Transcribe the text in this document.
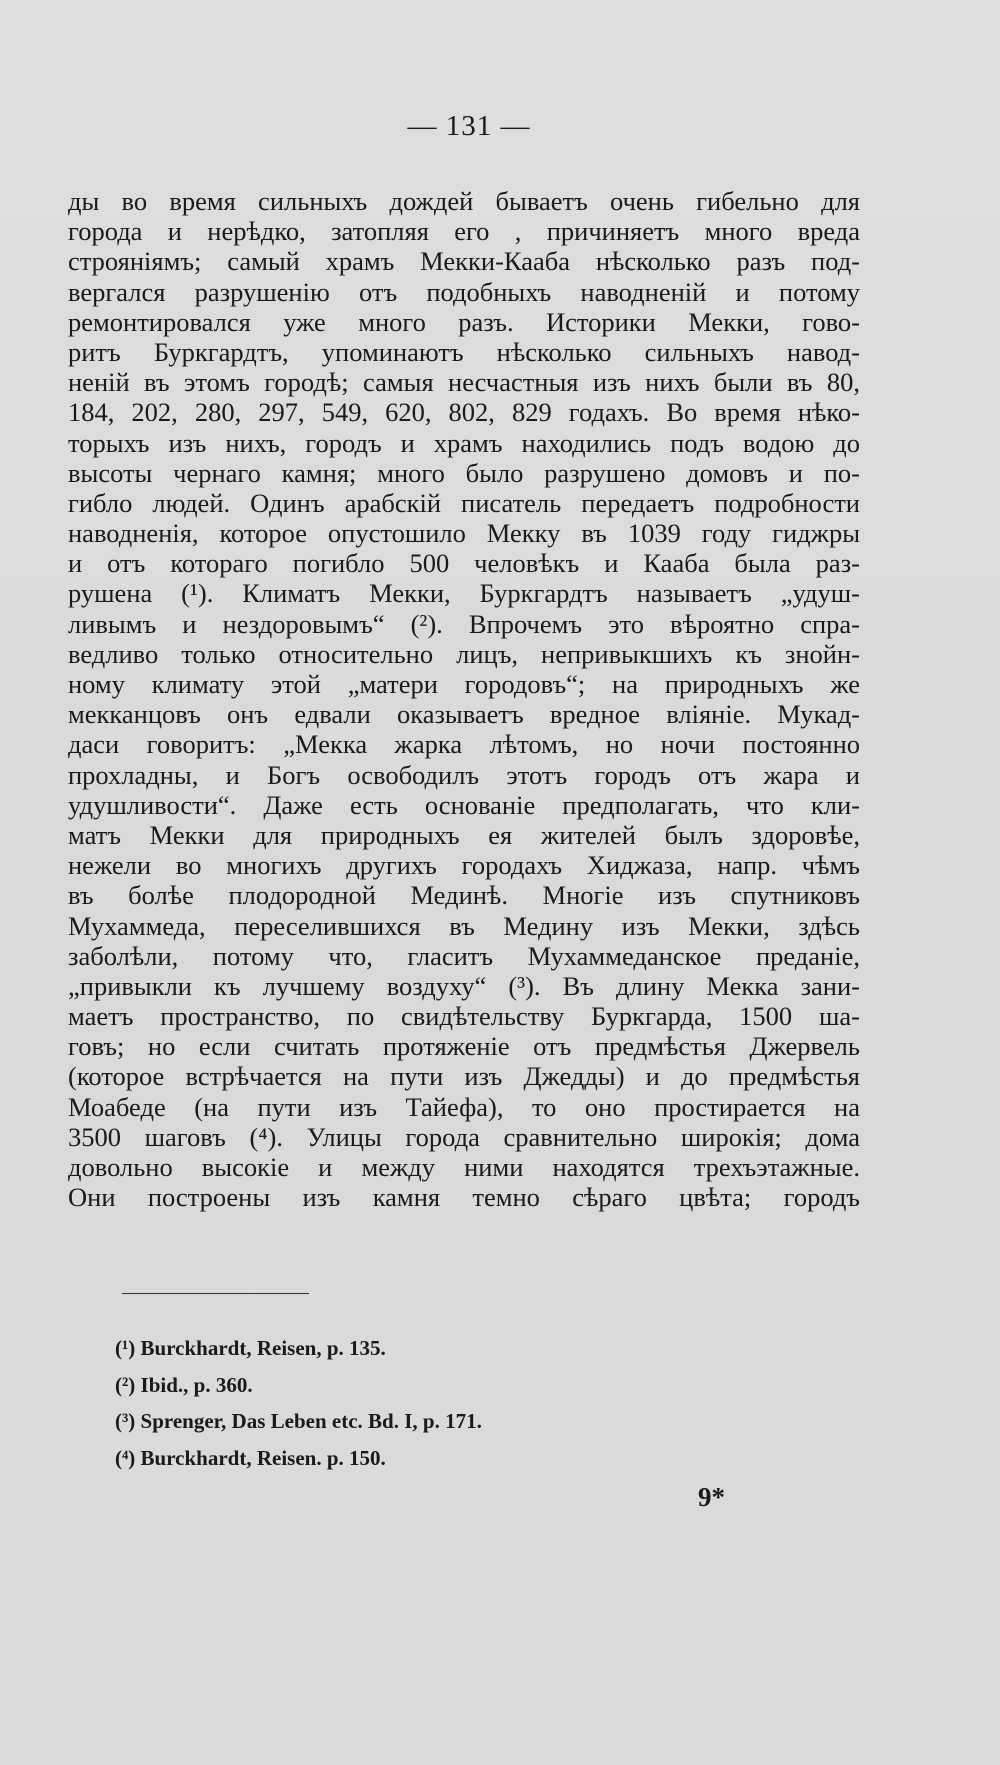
— 131 —
ды во время сильныхъ дождей бываетъ очень гибельно для
города и нерѣдко, затопляя его , причиняетъ много вреда
строяніямъ; самый храмъ Мекки-Кааба нѣсколько разъ под-
вергался разрушенію отъ подобныхъ наводненій и потому
ремонтировался уже много разъ. Историки Мекки, гово-
ритъ Буркгардтъ, упоминаютъ нѣсколько сильныхъ навод-
неній въ этомъ городѣ; самыя несчастныя изъ нихъ были въ 80,
184, 202, 280, 297, 549, 620, 802, 829 годахъ. Во время нѣко-
торыхъ изъ нихъ, городъ и храмъ находились подъ водою до
высоты чернаго камня; много было разрушено домовъ и по-
гибло людей. Одинъ арабскій писатель передаетъ подробности
наводненія, которое опустошило Мекку въ 1039 году гиджры
и отъ котораго погибло 500 человѣкъ и Кааба была раз-
рушена (¹). Климатъ Мекки, Буркгардтъ называетъ „удуш-
ливымъ и нездоровымъ“ (²). Впрочемъ это вѣроятно спра-
ведливо только относительно лицъ, непривыкшихъ къ знойн-
ному климату этой „матери городовъ“; на природныхъ же
мекканцовъ онъ едвали оказываетъ вредное вліяніе. Мукад-
даси говоритъ: „Мекка жарка лѣтомъ, но ночи постоянно
прохладны, и Богъ освободилъ этотъ городъ отъ жара и
удушливости“. Даже есть основаніе предполагать, что кли-
матъ Мекки для природныхъ ея жителей былъ здоровѣе,
нежели во многихъ другихъ городахъ Хиджаза, напр. чѣмъ
въ болѣе плодородной Мединѣ. Многіе изъ спутниковъ
Мухаммеда, переселившихся въ Медину изъ Мекки, здѣсь
заболѣли, потому что, гласитъ Мухаммеданское преданіе,
„привыкли къ лучшему воздуху“ (³). Въ длину Мекка зани-
маетъ пространство, по свидѣтельству Буркгарда, 1500 ша-
говъ; но если считать протяженіе отъ предмѣстья Джервель
(которое встрѣчается на пути изъ Джедды) и до предмѣстья
Моабеде (на пути изъ Тайефа), то оно простирается на
3500 шаговъ (⁴). Улицы города сравнительно широкія; дома
довольно высокіе и между ними находятся трехъэтажные.
Они построены изъ камня темно сѣраго цвѣта; городъ
(¹) Burckhardt, Reisen, p. 135.
(²) Ibid., p. 360.
(³) Sprenger, Das Leben etc. Bd. I, p. 171.
(⁴) Burckhardt, Reisen. p. 150.
9*
